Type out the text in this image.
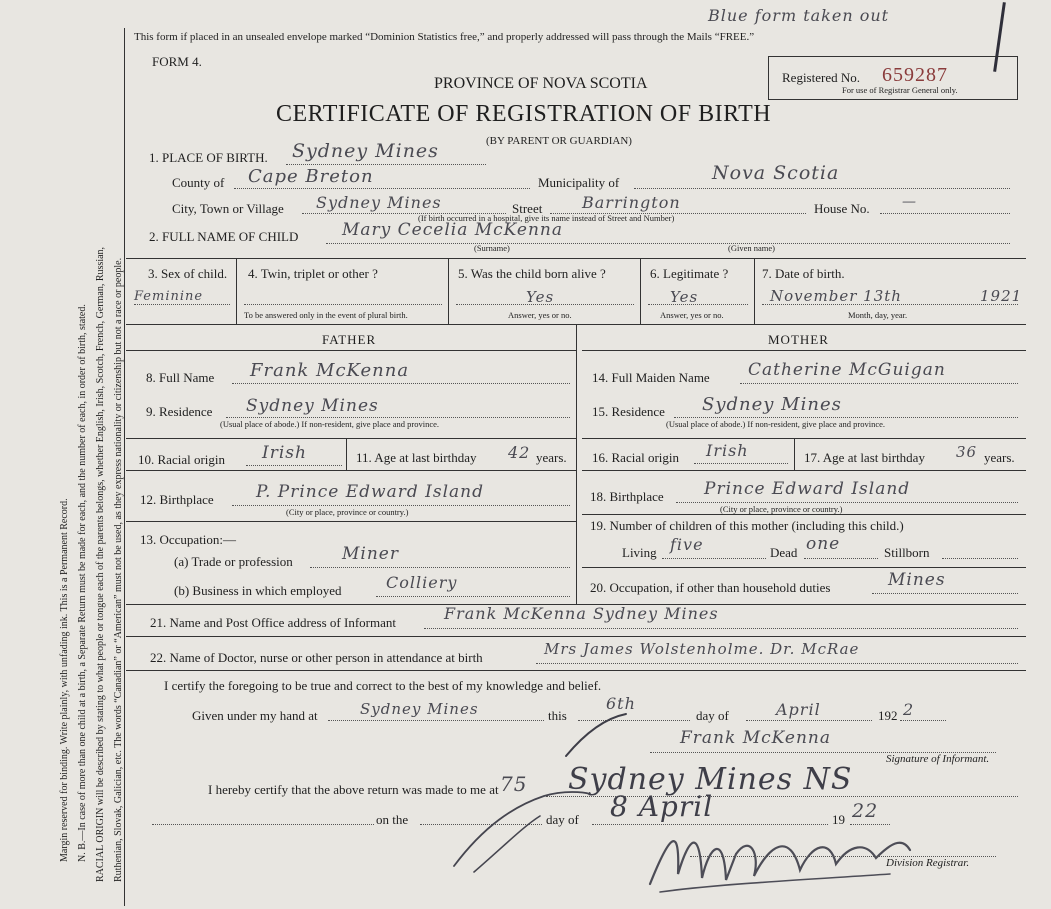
Margin reserved for binding. Write plainly, with unfading ink. This is a Permanent Record. N. B.—In case of more than one child at a birth, a Separate Return must be made for each, and the number of each, in order of birth, stated. RACIAL ORIGIN will be described by stating to what people or tongue each of the parents belongs, whether English, Irish, Scotch, French, German, Russian, Ruthenian, Slovak, Galician, etc. The words “Canadian” or “American” must not be used, as they express nationality or citizenship but not a race or people.
This form if placed in an unsealed envelope marked “Dominion Statistics free,” and properly addressed will pass through the Mails “FREE.”
Blue form taken out
FORM 4.
PROVINCE OF NOVA SCOTIA
CERTIFICATE OF REGISTRATION OF BIRTH
(BY PARENT OR GUARDIAN)
Registered No. 659287
For use of Registrar General only.
1. PLACE OF BIRTH. Sydney Mines
County of Cape Breton	Municipality of	Nova Scotia
City, Town or Village Sydney Mines	Street Barrington	House No. —
(If birth occurred in a hospital, give its name instead of Street and Number)
2. FULL NAME OF CHILD	Mary Cecelia McKenna
(Surname)	(Given name)
3. Sex of child.
Feminine
4. Twin, triplet or other ?
To be answered only in the event of plural birth.
5. Was the child born alive ?
Yes
Answer, yes or no.
6. Legitimate ?
Yes
Answer, yes or no.
7. Date of birth.
November 13th	1921
Month, day, year.
FATHER	MOTHER
8. Full Name Frank McKenna
9. Residence Sydney Mines
(Usual place of abode.) If non-resident, give place and province.
10. Racial origin Irish	11. Age at last birthday 42 years.
12. Birthplace P. Prince Edward Island
(City or place, province or country.)
13. Occupation:—
(a) Trade or profession	Miner
(b) Business in which employed	Colliery
14. Full Maiden Name Catherine McGuigan
15. Residence Sydney Mines
(Usual place of abode.) If non-resident, give place and province.
16. Racial origin Irish	17. Age at last birthday 36 years.
18. Birthplace Prince Edward Island
(City or place, province or country.)
19. Number of children of this mother (including this child.)
Living five	Dead one	Stillborn
20. Occupation, if other than household duties	Mines
21. Name and Post Office address of Informant	Frank McKenna Sydney Mines
22. Name of Doctor, nurse or other person in attendance at birth	Mrs James Wolstenholme. Dr. McRae
I certify the foregoing to be true and correct to the best of my knowledge and belief.
Given under my hand at	Sydney Mines	this
6th
day of	April	192 2
Frank McKenna
Signature of Informant.
I hereby certify that the above return was made to me at Sydney Mines NS
75
on the	day of 8 April	19 22
Division Registrar.
